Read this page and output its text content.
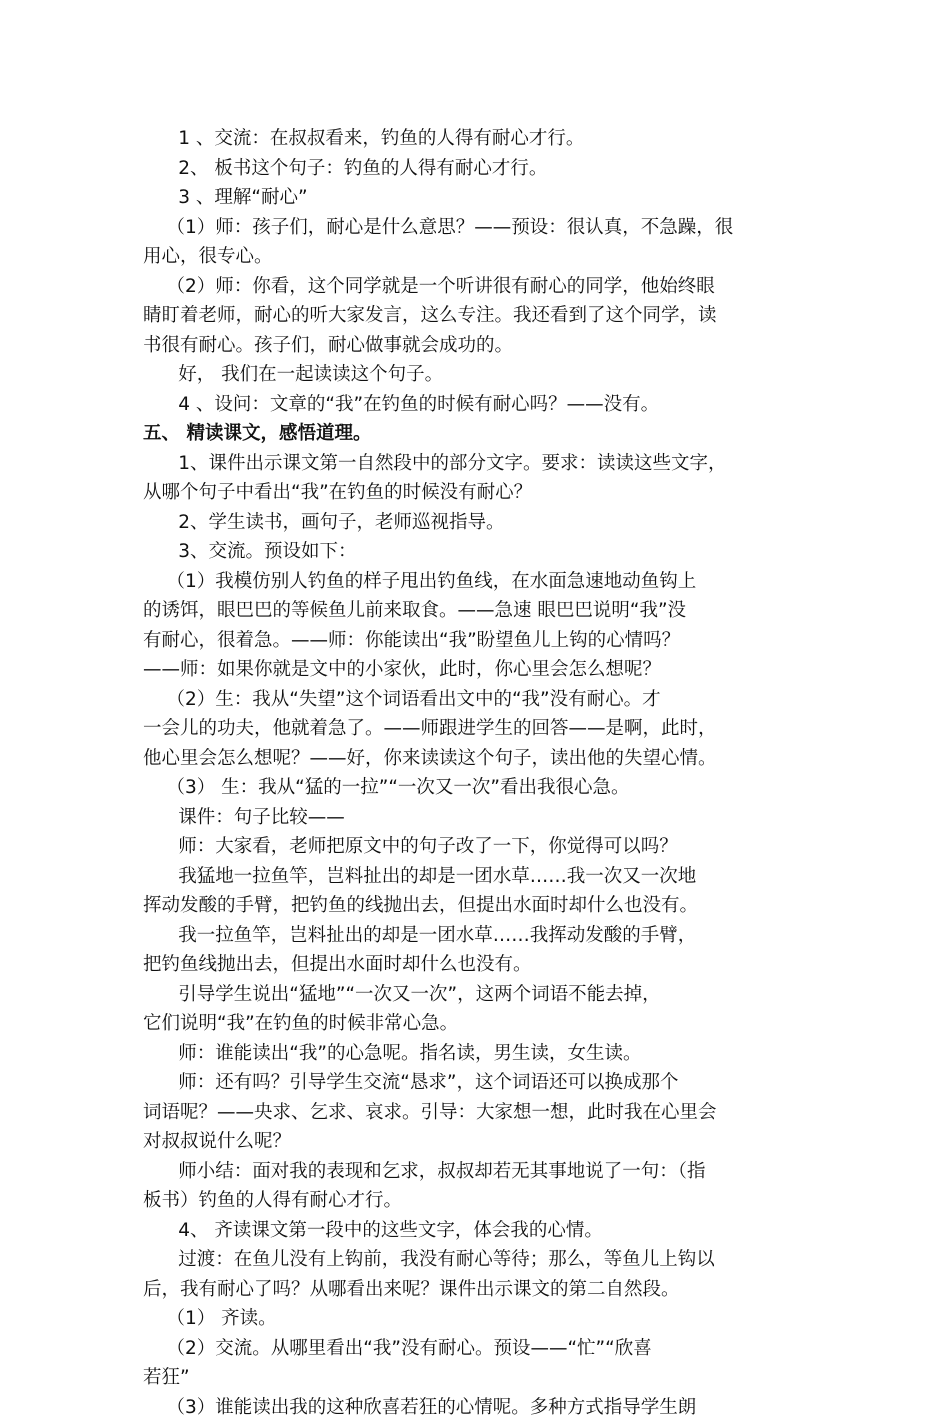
1 、交流：在叔叔看来，钓鱼的人得有耐心才行。
2、 板书这个句子：钓鱼的人得有耐心才行。
3 、理解“耐心”
（1）师：孩子们，耐心是什么意思？——预设：很认真，不急躁，很
用心，很专心。
（2）师：你看，这个同学就是一个听讲很有耐心的同学，他始终眼
睛盯着老师，耐心的听大家发言，这么专注。我还看到了这个同学，读
书很有耐心。孩子们，耐心做事就会成功的。
好， 我们在一起读读这个句子。
4 、设问：文章的“我”在钓鱼的时候有耐心吗？——没有。
五、 精读课文，感悟道理。
1、课件出示课文第一自然段中的部分文字。要求：读读这些文字，
从哪个句子中看出“我”在钓鱼的时候没有耐心？
2、学生读书，画句子，老师巡视指导。
3、交流。预设如下：
（1）我模仿别人钓鱼的样子甩出钓鱼线，在水面急速地动鱼钩上
的诱饵，眼巴巴的等候鱼儿前来取食。——急速 眼巴巴说明“我”没
有耐心，很着急。——师：你能读出“我”盼望鱼儿上钩的心情吗？
——师：如果你就是文中的小家伙，此时，你心里会怎么想呢？
（2）生：我从“失望”这个词语看出文中的“我”没有耐心。才
一会儿的功夫，他就着急了。——师跟进学生的回答——是啊，此时，
他心里会怎么想呢？——好，你来读读这个句子，读出他的失望心情。
（3） 生：我从“猛的一拉”“一次又一次”看出我很心急。
课件：句子比较——
师：大家看，老师把原文中的句子改了一下，你觉得可以吗？
我猛地一拉鱼竿，岂料扯出的却是一团水草……我一次又一次地
挥动发酸的手臂，把钓鱼的线抛出去，但提出水面时却什么也没有。
我一拉鱼竿，岂料扯出的却是一团水草……我挥动发酸的手臂，
把钓鱼线抛出去，但提出水面时却什么也没有。
引导学生说出“猛地”“一次又一次”，这两个词语不能去掉，
它们说明“我”在钓鱼的时候非常心急。
师：谁能读出“我”的心急呢。指名读，男生读，女生读。
师：还有吗？引导学生交流“恳求”，这个词语还可以换成那个
词语呢？——央求、乞求、哀求。引导：大家想一想，此时我在心里会
对叔叔说什么呢？
师小结：面对我的表现和乞求，叔叔却若无其事地说了一句：（指
板书）钓鱼的人得有耐心才行。
4、 齐读课文第一段中的这些文字，体会我的心情。
过渡：在鱼儿没有上钩前，我没有耐心等待；那么，等鱼儿上钩以
后，我有耐心了吗？从哪看出来呢？课件出示课文的第二自然段。
（1） 齐读。
（2）交流。从哪里看出“我”没有耐心。预设——“忙”“欣喜
若狂”
（3）谁能读出我的这种欣喜若狂的心情呢。多种方式指导学生朗
